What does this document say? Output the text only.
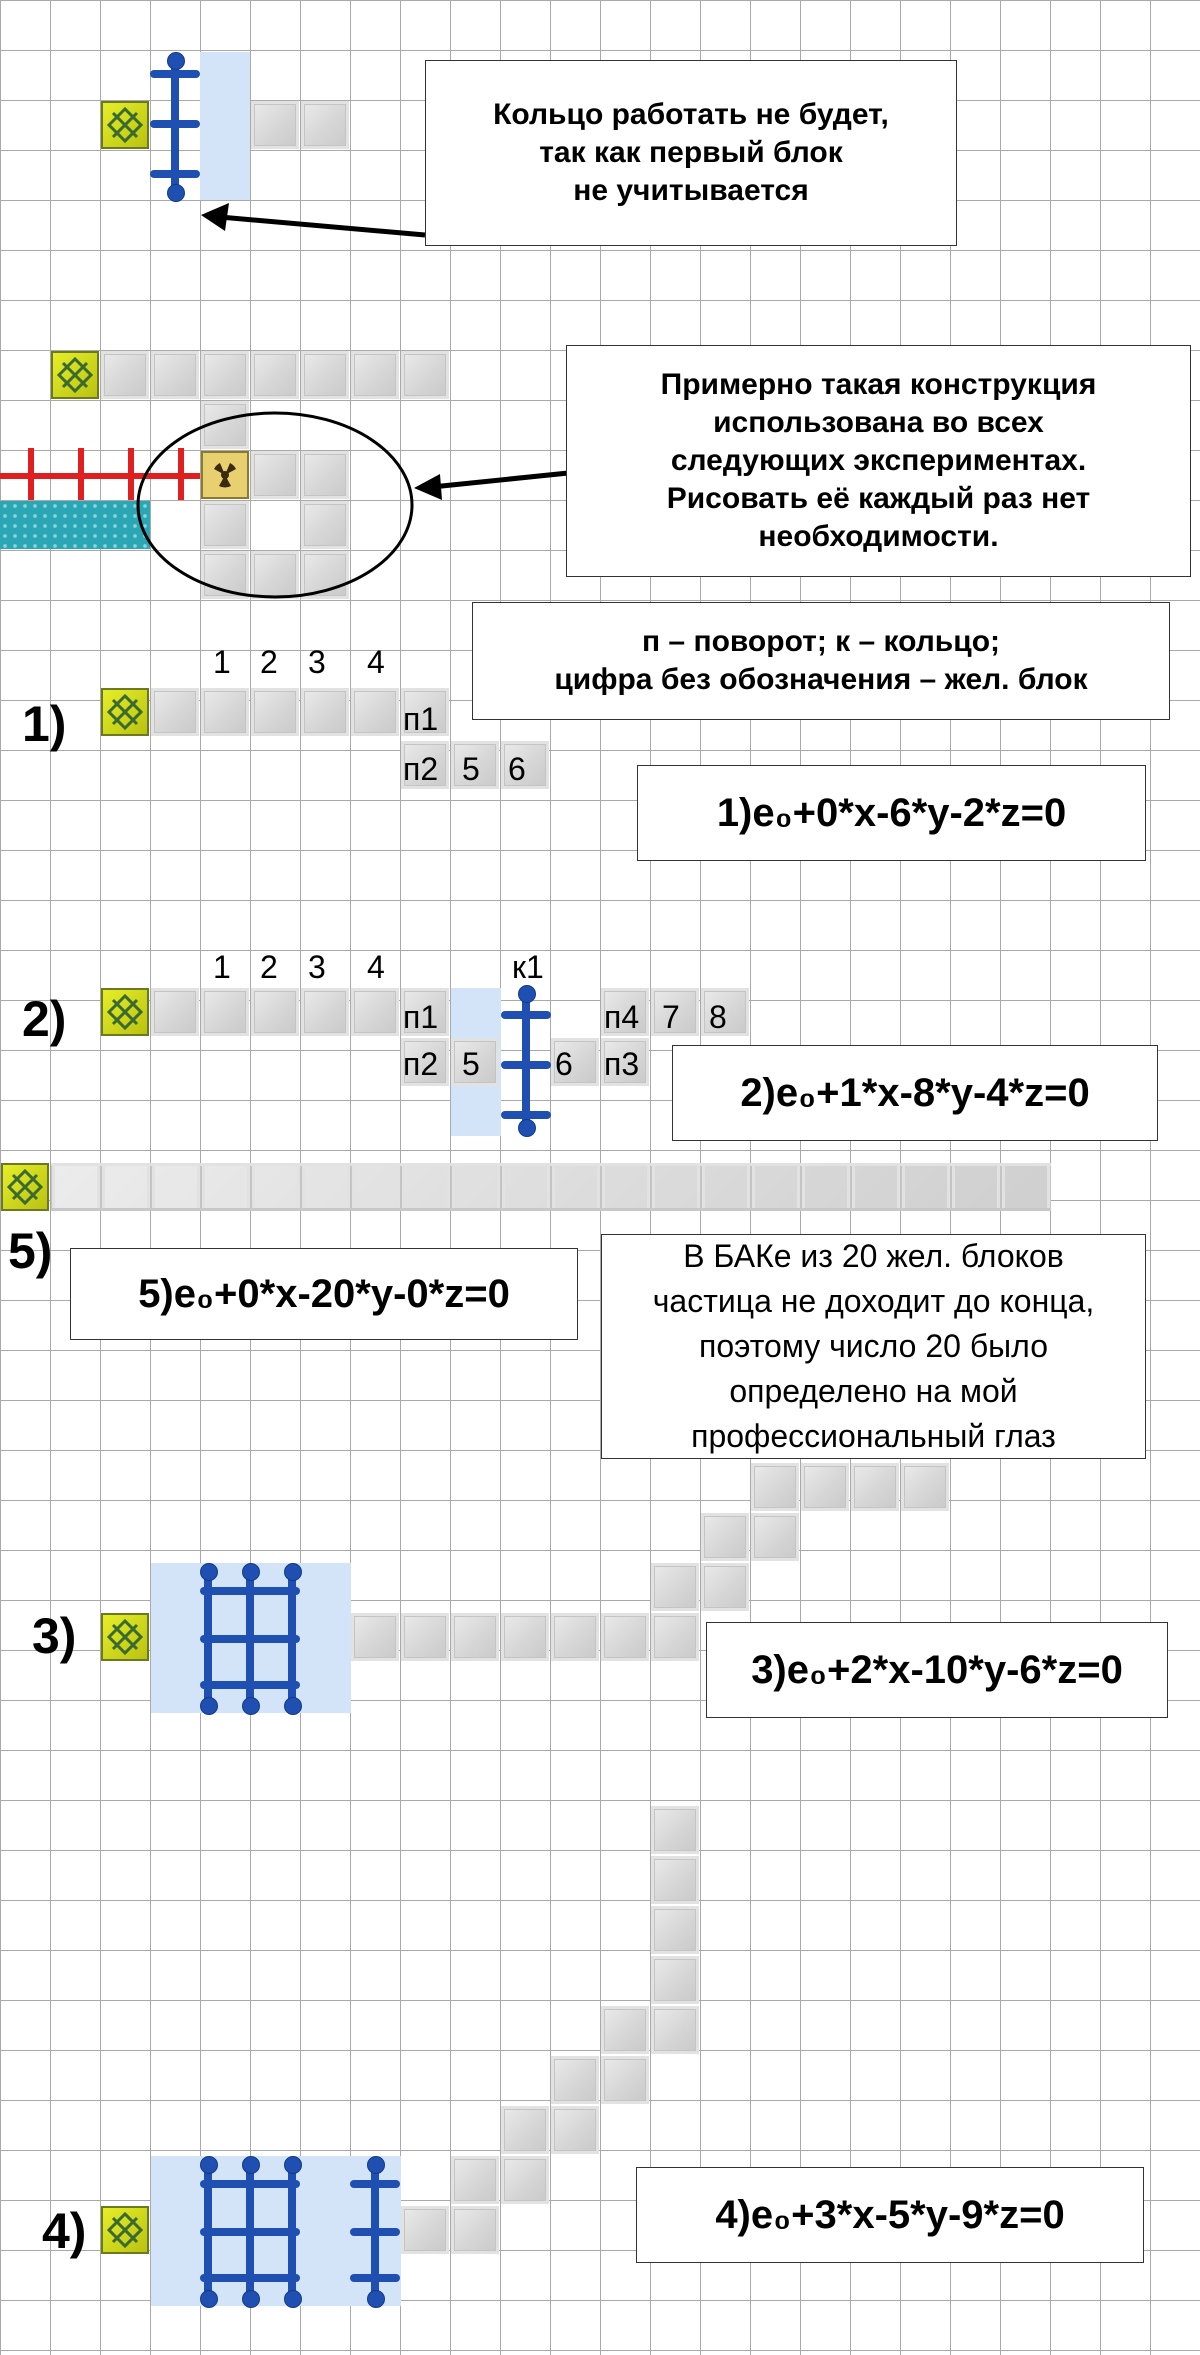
Кольцо работать не будет,
так как первый блок
не учитывается
Примерно такая конструкция
использована во всех
следующих экспериментах.
Рисовать её каждый раз нет
необходимости.
п – поворот; к – кольцо;
цифра без обозначения – жел. блок
1)
1 2 3 4
п1
п2 5 6
1)e₀+0*x-6*y-2*z=0
2)
1 2 3 4	к1
п1
п2 5 6 п3
п4 7 8
2)e₀+1*x-8*y-4*z=0
5)
5)e₀+0*x-20*y-0*z=0
В БАКе из 20 жел. блоков
частица не доходит до конца,
поэтому число 20 было
определено на мой
профессиональный глаз
3)
3)e₀+2*x-10*y-6*z=0
4)	4)e₀+3*x-5*y-9*z=0
